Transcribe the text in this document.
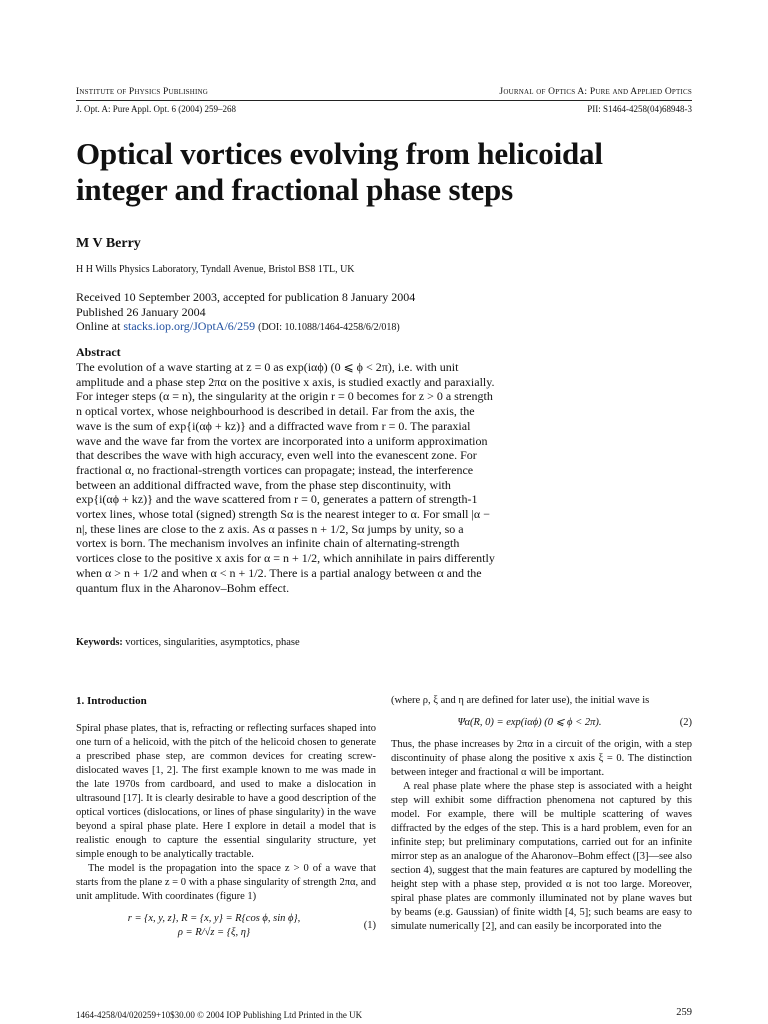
Institute of Physics Publishing	Journal of Optics A: Pure and Applied Optics
J. Opt. A: Pure Appl. Opt. 6 (2004) 259–268	PII: S1464-4258(04)68948-3
Optical vortices evolving from helicoidal integer and fractional phase steps
M V Berry
H H Wills Physics Laboratory, Tyndall Avenue, Bristol BS8 1TL, UK
Received 10 September 2003, accepted for publication 8 January 2004
Published 26 January 2004
Online at stacks.iop.org/JOptA/6/259 (DOI: 10.1088/1464-4258/6/2/018)
Abstract

The evolution of a wave starting at z = 0 as exp(iαϕ) (0 ⩽ ϕ < 2π), i.e. with unit amplitude and a phase step 2πα on the positive x axis, is studied exactly and paraxially. For integer steps (α = n), the singularity at the origin r = 0 becomes for z > 0 a strength n optical vortex, whose neighbourhood is described in detail. Far from the axis, the wave is the sum of exp{i(αϕ + kz)} and a diffracted wave from r = 0. The paraxial wave and the wave far from the vortex are incorporated into a uniform approximation that describes the wave with high accuracy, even well into the evanescent zone. For fractional α, no fractional-strength vortices can propagate; instead, the interference between an additional diffracted wave, from the phase step discontinuity, with exp{i(αϕ + kz)} and the wave scattered from r = 0, generates a pattern of strength-1 vortex lines, whose total (signed) strength Sα is the nearest integer to α. For small |α − n|, these lines are close to the z axis. As α passes n + 1/2, Sα jumps by unity, so a vortex is born. The mechanism involves an infinite chain of alternating-strength vortices close to the positive x axis for α = n + 1/2, which annihilate in pairs differently when α > n + 1/2 and when α < n + 1/2. There is a partial analogy between α and the quantum flux in the Aharonov–Bohm effect.

Keywords: vortices, singularities, asymptotics, phase
1. Introduction

Spiral phase plates, that is, refracting or reflecting surfaces shaped into one turn of a helicoid, with the pitch of the helicoid chosen to generate a prescribed phase step, are common devices for creating screw-dislocated waves [1, 2]. The first example known to me was made in the late 1970s from cardboard, and used to make a dislocation in ultrasound [17]. It is clearly desirable to have a good description of the optical vortices (dislocations, or lines of phase singularity) in the wave beyond a spiral phase plate. Here I explore in detail a model that is realistic enough to capture the essential singularity structure, yet simple enough to be analytically tractable.

The model is the propagation into the space z > 0 of a wave that starts from the plane z = 0 with a phase singularity of strength 2πα, and unit amplitude. With coordinates (figure 1)

r = {x, y, z}, R = {x, y} = R{cos ϕ, sin ϕ},
ρ = R/√z = {ξ, η}
(1)

(where ρ, ξ and η are defined for later use), the initial wave is

Ψα(R, 0) = exp(iαϕ) (0 ⩽ ϕ < 2π).	(2)

Thus, the phase increases by 2πα in a circuit of the origin, with a step discontinuity of phase along the positive x axis ξ = 0. The distinction between integer and fractional α will be important.

A real phase plate where the phase step is associated with a height step will exhibit some diffraction phenomena not captured by this model. For example, there will be multiple scattering of waves diffracted by the edges of the step. This is a hard problem, even for an infinite step; but preliminary computations, carried out for an infinite mirror step as an analogue of the Aharonov–Bohm effect ([3]—see also section 4), suggest that the main features are captured by modelling the height step with a phase step, provided α is not too large. Moreover, spiral phase plates are commonly illuminated not by plane waves but by beams (e.g. Gaussian) of finite width [4, 5]; such beams are easy to simulate numerically [2], and can easily be incorporated into the

1464-4258/04/020259+10$30.00 © 2004 IOP Publishing Ltd Printed in the UK	259
